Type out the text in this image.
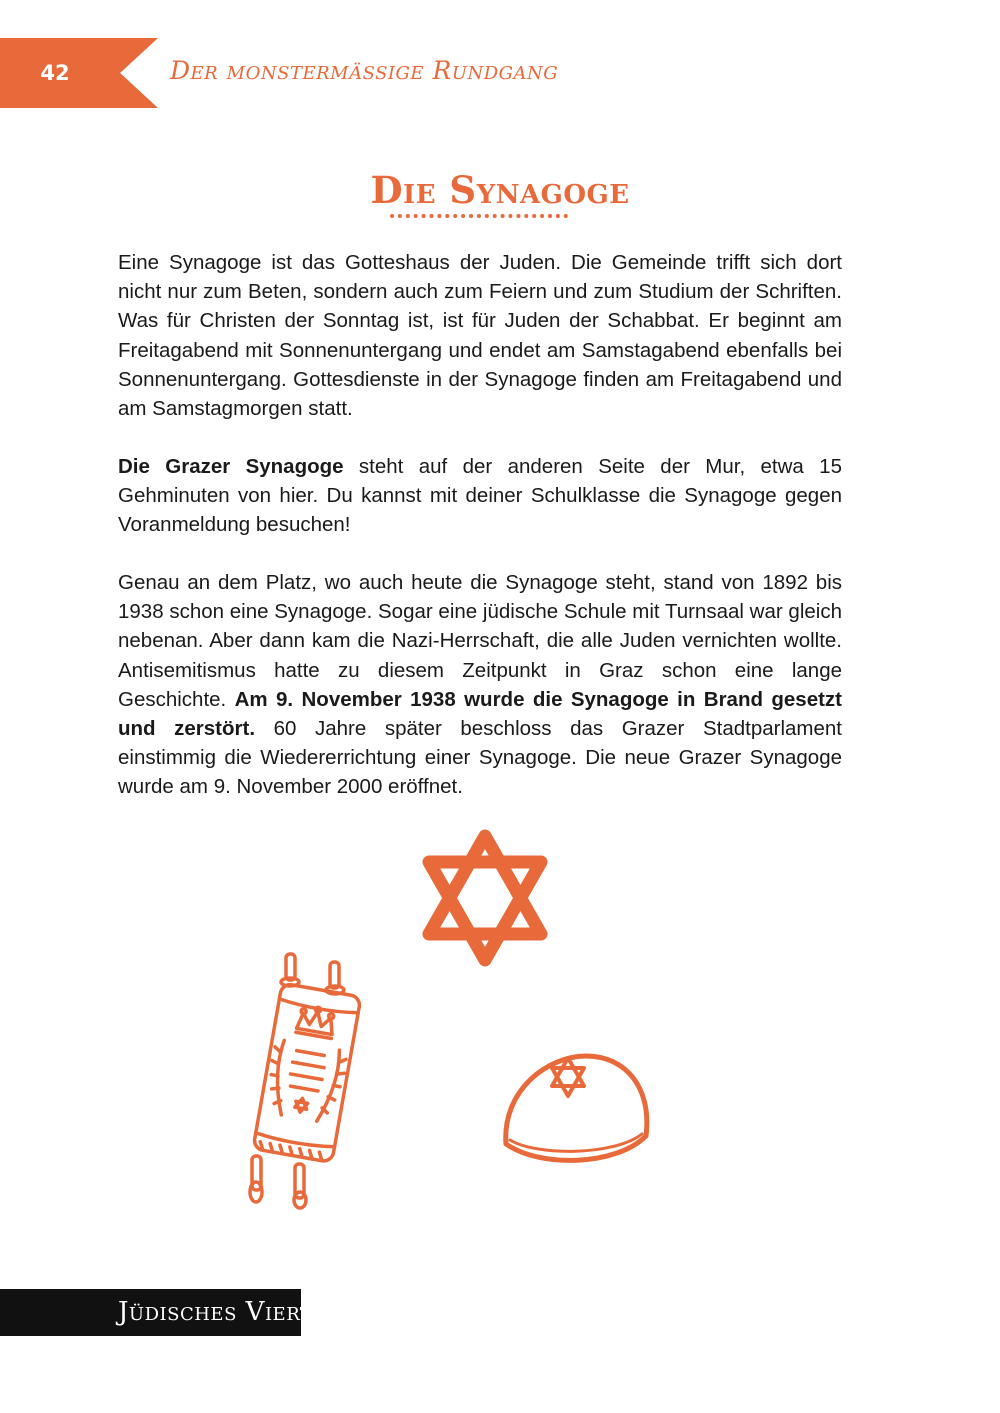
42	Der monstermässige Rundgang
Die Synagoge

Eine Synagoge ist das Gotteshaus der Juden. Die Gemeinde trifft sich dort nicht nur zum Beten, sondern auch zum Feiern und zum Studium der Schriften. Was für Christen der Sonntag ist, ist für Juden der Schabbat. Er beginnt am Freitagabend mit Sonnenuntergang und endet am Samstagabend ebenfalls bei Sonnenuntergang. Gottesdienste in der Synagoge finden am Freitagabend und am Samstagmorgen statt.

Die Grazer Synagoge steht auf der anderen Seite der Mur, etwa 15 Gehminuten von hier. Du kannst mit deiner Schulklasse die Synagoge gegen Voranmeldung besuchen!

Genau an dem Platz, wo auch heute die Synagoge steht, stand von 1892 bis 1938 schon eine Synagoge. Sogar eine jüdische Schule mit Turnsaal war gleich nebenan. Aber dann kam die Nazi-Herrschaft, die alle Juden vernichten wollte. Antisemitismus hatte zu diesem Zeitpunkt in Graz schon eine lange Geschichte. Am 9. November 1938 wurde die Synagoge in Brand gesetzt und zerstört. 60 Jahre später beschloss das Grazer Stadtparlament einstimmig die Wiedererrichtung einer Synagoge. Die neue Grazer Synagoge wurde am 9. November 2000 eröffnet.

Jüdisches Viertel
